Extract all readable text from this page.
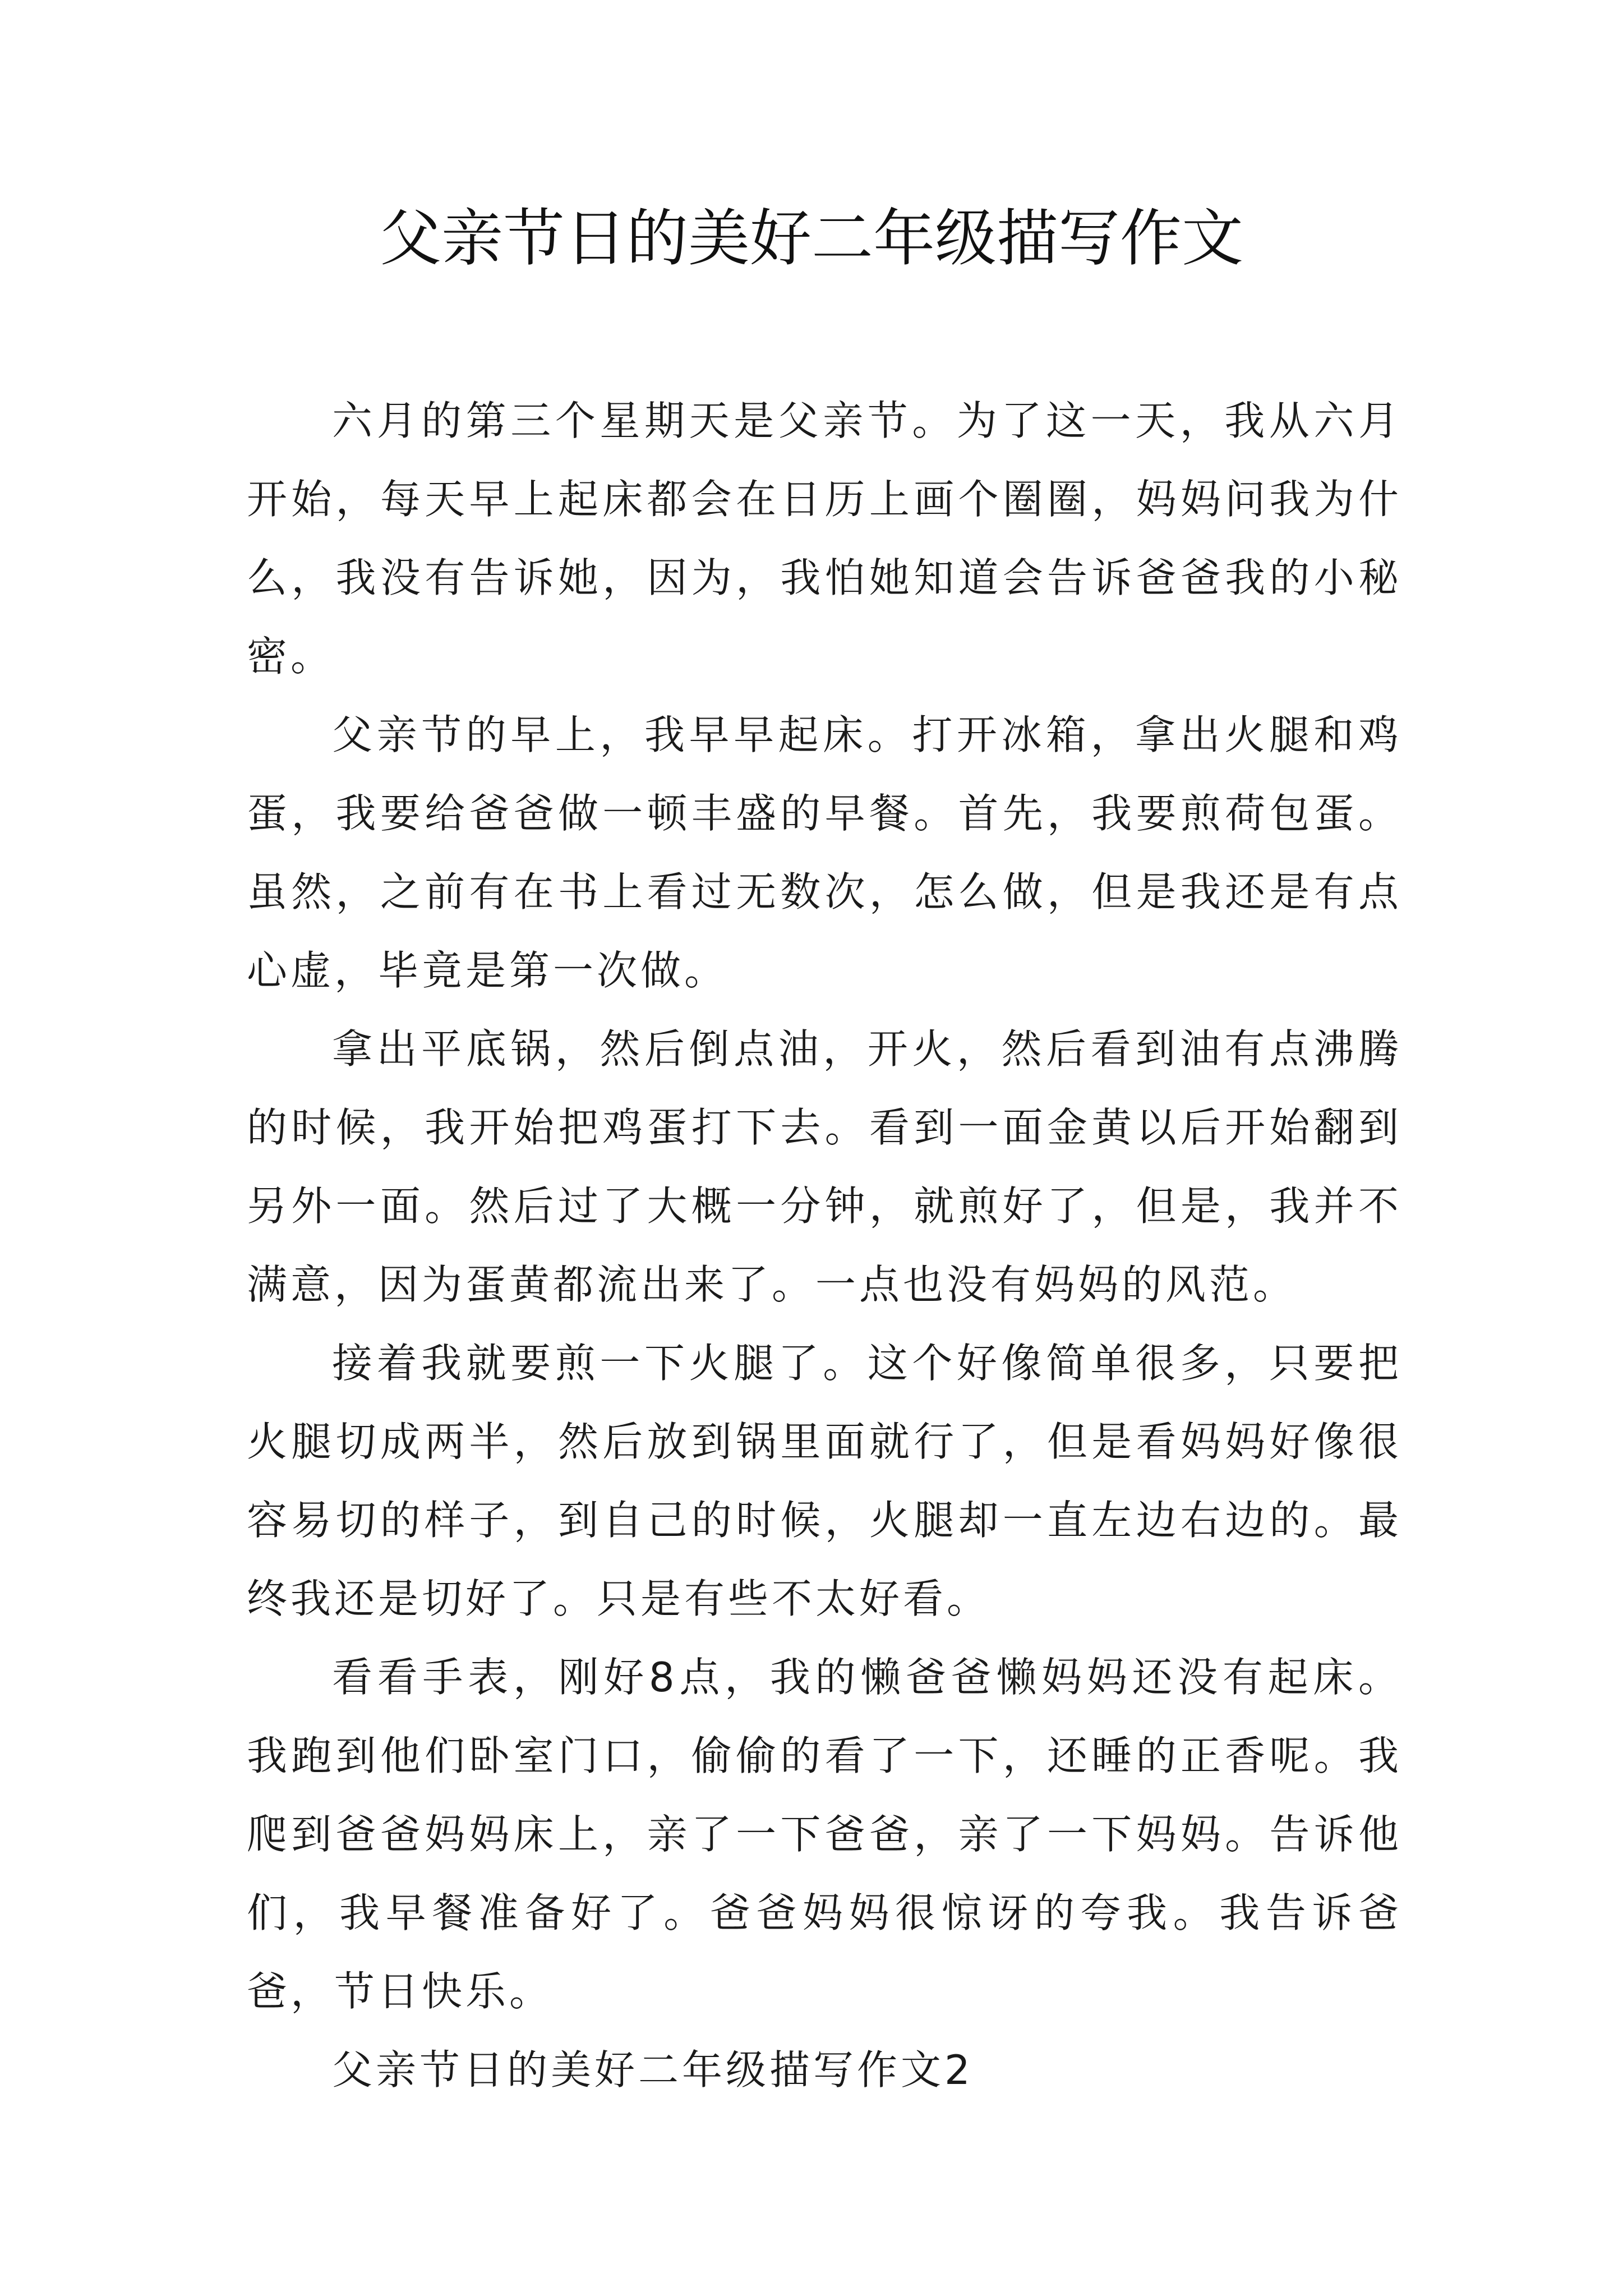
父亲节日的美好二年级描写作文

六月的第三个星期天是父亲节。为了这一天，我从六月开始，每天早上起床都会在日历上画个圈圈，妈妈问我为什么，我没有告诉她，因为，我怕她知道会告诉爸爸我的小秘密。

父亲节的早上，我早早起床。打开冰箱，拿出火腿和鸡蛋，我要给爸爸做一顿丰盛的早餐。首先，我要煎荷包蛋。虽然，之前有在书上看过无数次，怎么做，但是我还是有点心虚，毕竟是第一次做。

拿出平底锅，然后倒点油，开火，然后看到油有点沸腾的时候，我开始把鸡蛋打下去。看到一面金黄以后开始翻到另外一面。然后过了大概一分钟，就煎好了，但是，我并不满意，因为蛋黄都流出来了。一点也没有妈妈的风范。

接着我就要煎一下火腿了。这个好像简单很多，只要把火腿切成两半，然后放到锅里面就行了，但是看妈妈好像很容易切的样子，到自己的时候，火腿却一直左边右边的。最终我还是切好了。只是有些不太好看。

看看手表，刚好8点，我的懒爸爸懒妈妈还没有起床。我跑到他们卧室门口，偷偷的看了一下，还睡的正香呢。我爬到爸爸妈妈床上，亲了一下爸爸，亲了一下妈妈。告诉他们，我早餐准备好了。爸爸妈妈很惊讶的夸我。我告诉爸爸，节日快乐。

父亲节日的美好二年级描写作文2
